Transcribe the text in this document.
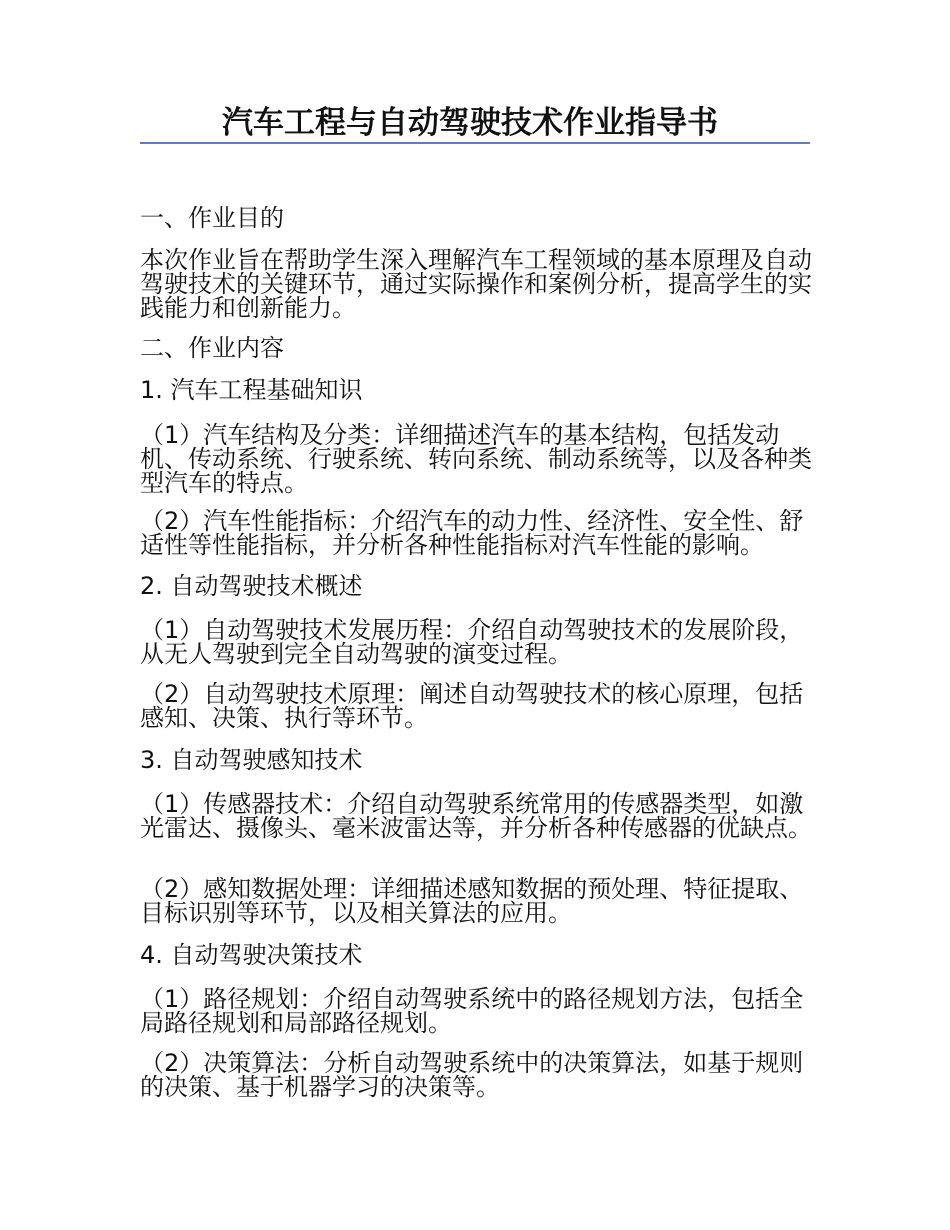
汽车工程与自动驾驶技术作业指导书
一、作业目的
本次作业旨在帮助学生深入理解汽车工程领域的基本原理及自动驾驶技术的关键环节，通过实际操作和案例分析，提高学生的实践能力和创新能力。
二、作业内容
1. 汽车工程基础知识
（1）汽车结构及分类：详细描述汽车的基本结构，包括发动机、传动系统、行驶系统、转向系统、制动系统等，以及各种类型汽车的特点。
（2）汽车性能指标：介绍汽车的动力性、经济性、安全性、舒适性等性能指标，并分析各种性能指标对汽车性能的影响。
2. 自动驾驶技术概述
（1）自动驾驶技术发展历程：介绍自动驾驶技术的发展阶段，从无人驾驶到完全自动驾驶的演变过程。
（2）自动驾驶技术原理：阐述自动驾驶技术的核心原理，包括感知、决策、执行等环节。
3. 自动驾驶感知技术
（1）传感器技术：介绍自动驾驶系统常用的传感器类型，如激光雷达、摄像头、毫米波雷达等，并分析各种传感器的优缺点。
（2）感知数据处理：详细描述感知数据的预处理、特征提取、目标识别等环节，以及相关算法的应用。
4. 自动驾驶决策技术
（1）路径规划：介绍自动驾驶系统中的路径规划方法，包括全局路径规划和局部路径规划。
（2）决策算法：分析自动驾驶系统中的决策算法，如基于规则的决策、基于机器学习的决策等。
